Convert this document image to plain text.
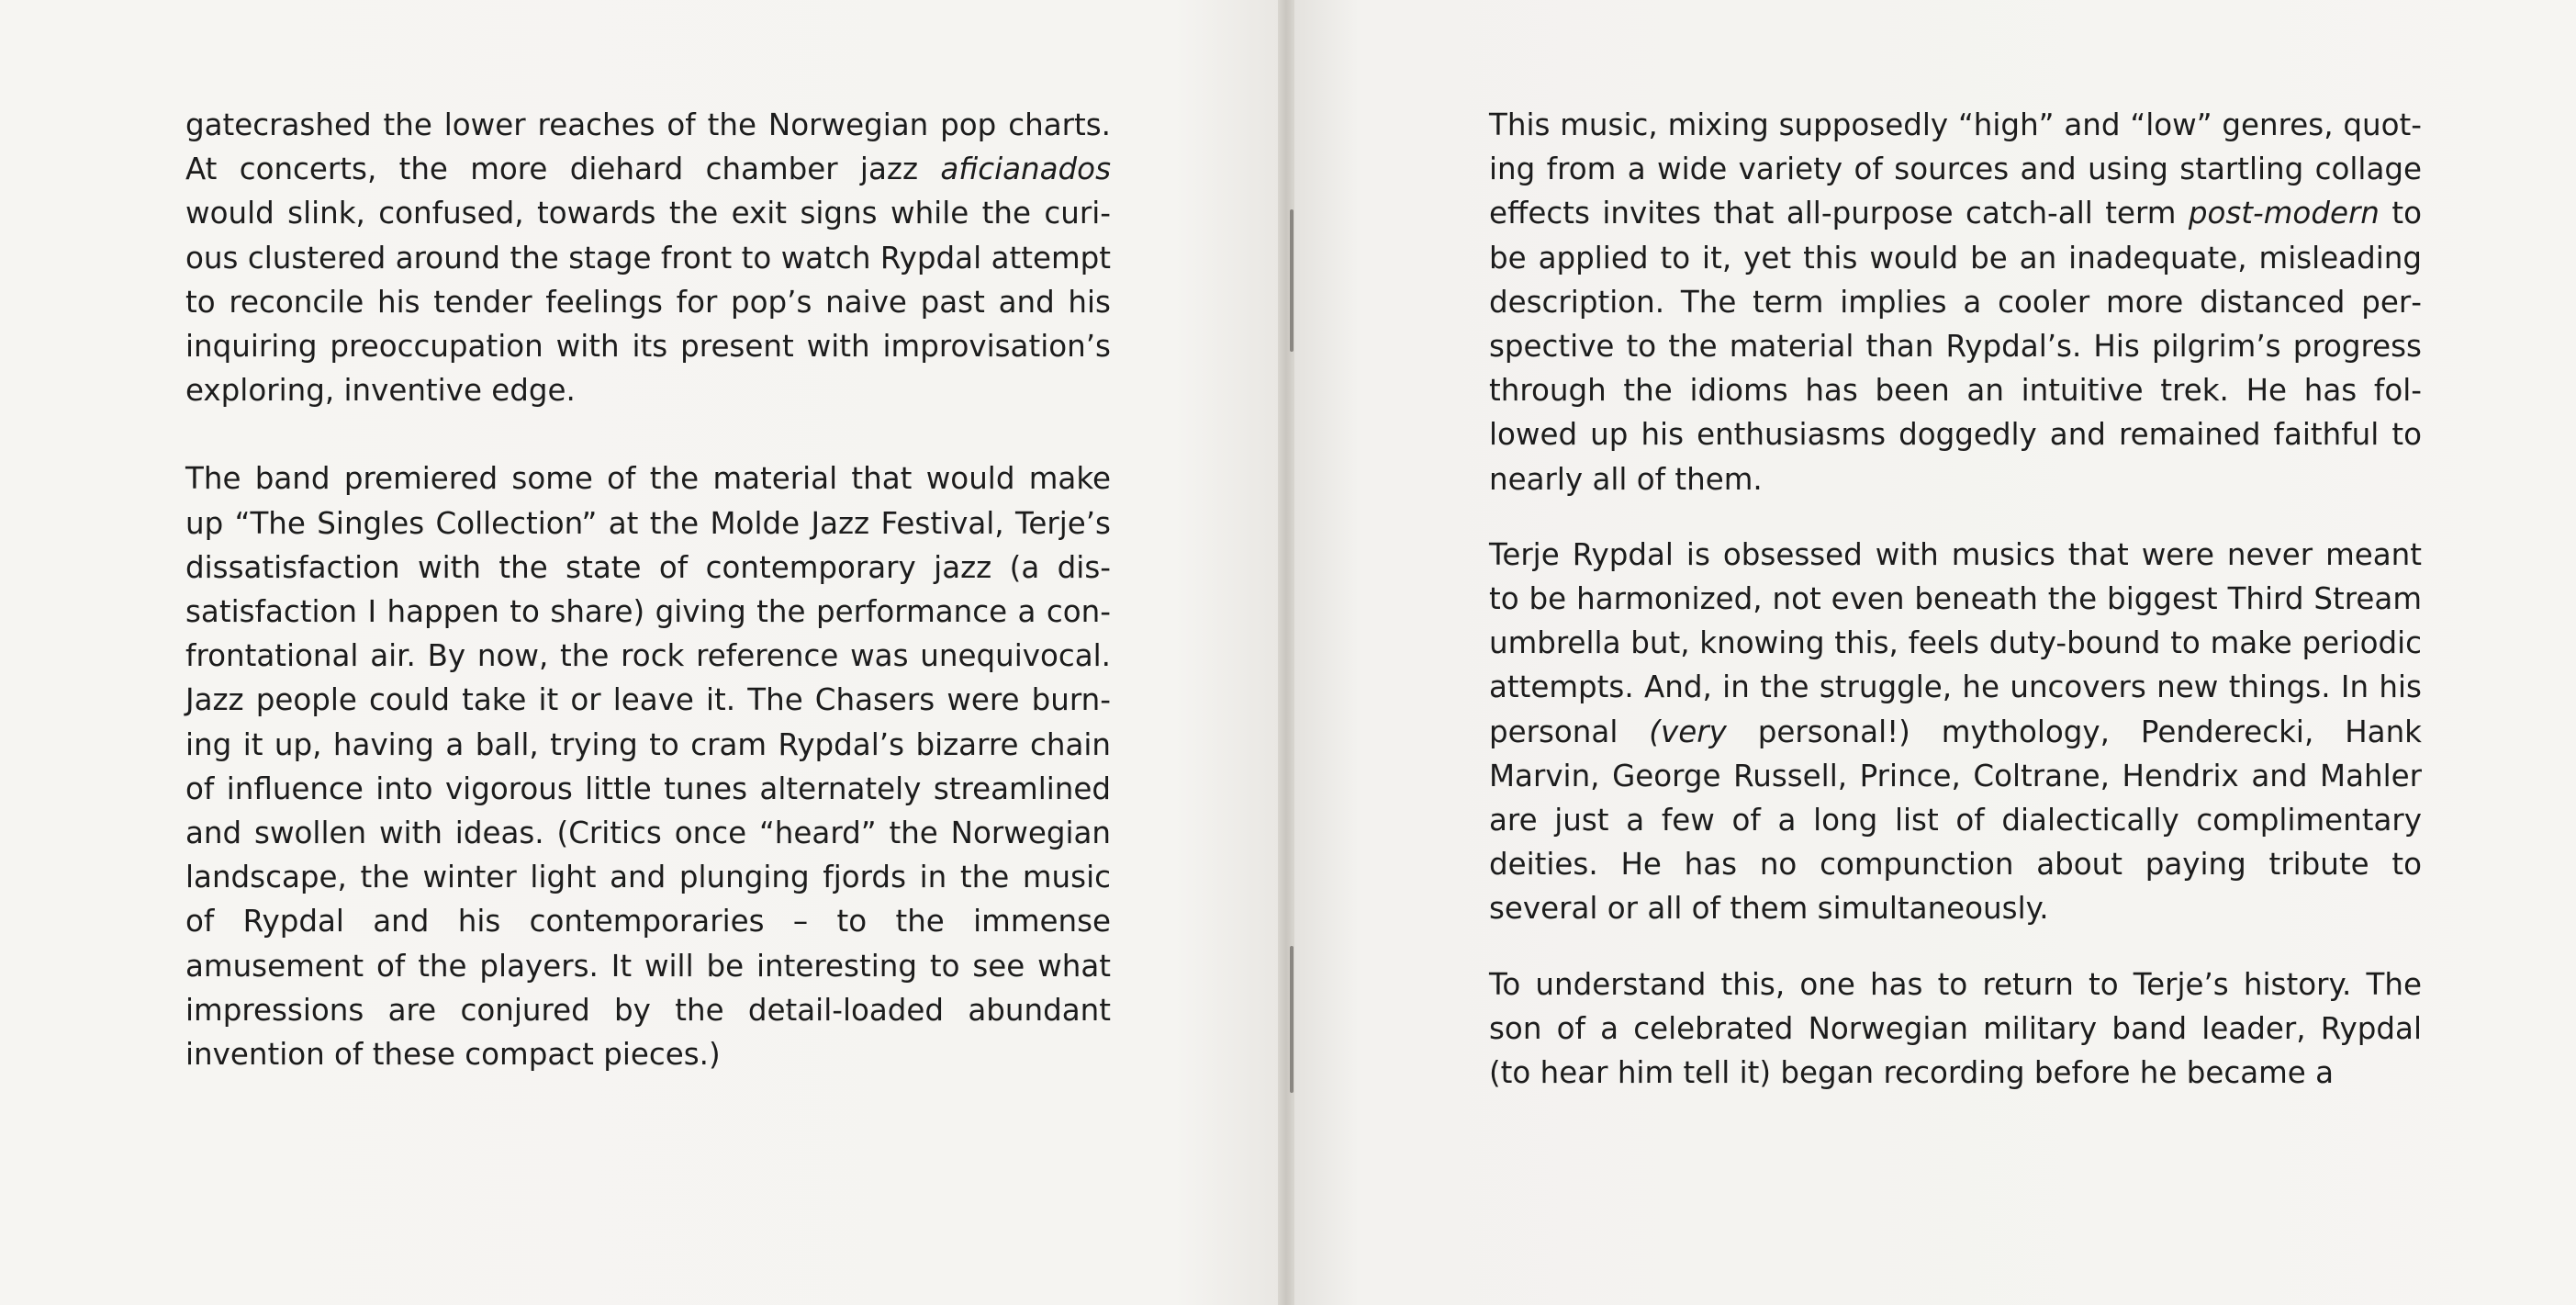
gatecrashed the lower reaches of the Norwegian pop charts. At concerts, the more diehard chamber jazz aficianados would slink, confused, towards the exit signs while the curious clustered around the stage front to watch Rypdal attempt to reconcile his tender feelings for pop’s naive past and his inquiring preoccupation with its present with improvisation’s exploring, inventive edge.

The band premiered some of the material that would make up “The Singles Collection” at the Molde Jazz Festival, Terje’s dissatisfaction with the state of contemporary jazz (a dissatisfaction I happen to share) giving the performance a confrontational air. By now, the rock reference was unequivocal. Jazz people could take it or leave it. The Chasers were burning it up, having a ball, trying to cram Rypdal’s bizarre chain of influence into vigorous little tunes alternately streamlined and swollen with ideas. (Critics once “heard” the Norwegian landscape, the winter light and plunging fjords in the music of Rypdal and his contemporaries – to the immense amusement of the players. It will be interesting to see what impressions are conjured by the detail-loaded abundant invention of these compact pieces.)

This music, mixing supposedly “high” and “low” genres, quoting from a wide variety of sources and using startling collage effects invites that all-purpose catch-all term post-modern to be applied to it, yet this would be an inadequate, misleading description. The term implies a cooler more distanced perspective to the material than Rypdal’s. His pilgrim’s progress through the idioms has been an intuitive trek. He has followed up his enthusiasms doggedly and remained faithful to nearly all of them.

Terje Rypdal is obsessed with musics that were never meant to be harmonized, not even beneath the biggest Third Stream umbrella but, knowing this, feels duty-bound to make periodic attempts. And, in the struggle, he uncovers new things. In his personal (very personal!) mythology, Penderecki, Hank Marvin, George Russell, Prince, Coltrane, Hendrix and Mahler are just a few of a long list of dialectically complimentary deities. He has no compunction about paying tribute to several or all of them simultaneously.

To understand this, one has to return to Terje’s history. The son of a celebrated Norwegian military band leader, Rypdal (to hear him tell it) began recording before he became a
